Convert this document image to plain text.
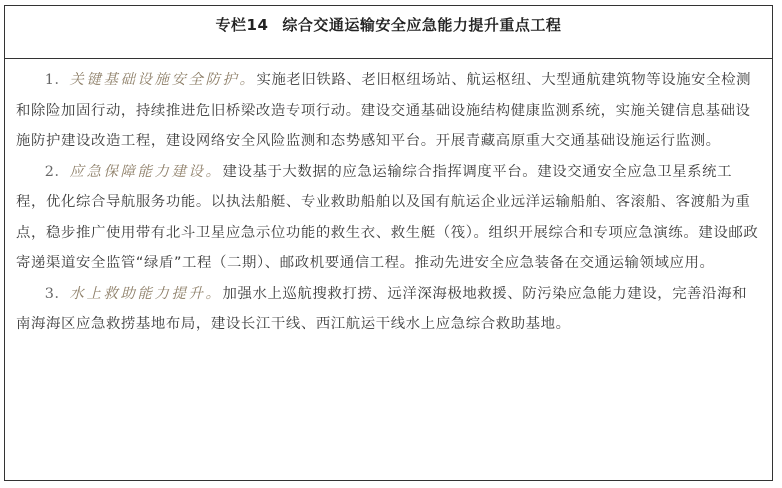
专栏14 综合交通运输安全应急能力提升重点工程

1．关键基础设施安全防护。实施老旧铁路、老旧枢纽场站、航运枢纽、大型通航建筑物等设施安全检测和除险加固行动，持续推进危旧桥梁改造专项行动。建设交通基础设施结构健康监测系统，实施关键信息基础设施防护建设改造工程，建设网络安全风险监测和态势感知平台。开展青藏高原重大交通基础设施运行监测。

2．应急保障能力建设。建设基于大数据的应急运输综合指挥调度平台。建设交通安全应急卫星系统工程，优化综合导航服务功能。以执法船艇、专业救助船舶以及国有航运企业远洋运输船舶、客滚船、客渡船为重点，稳步推广使用带有北斗卫星应急示位功能的救生衣、救生艇（筏）。组织开展综合和专项应急演练。建设邮政寄递渠道安全监管“绿盾”工程（二期）、邮政机要通信工程。推动先进安全应急装备在交通运输领域应用。

3．水上救助能力提升。加强水上巡航搜救打捞、远洋深海极地救援、防污染应急能力建设，完善沿海和南海海区应急救捞基地布局，建设长江干线、西江航运干线水上应急综合救助基地。
